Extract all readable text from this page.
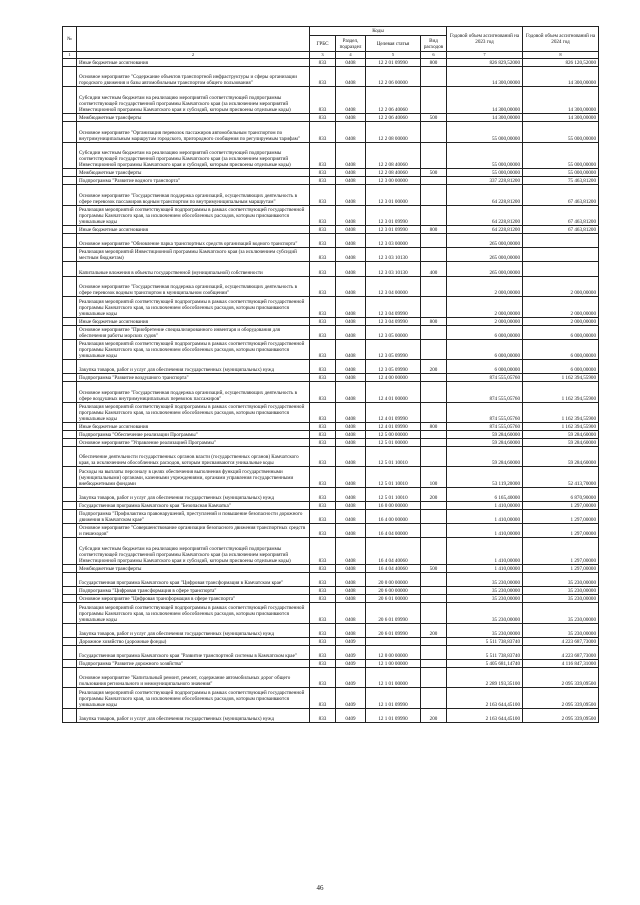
№		Коды				Годовой объем ассигнований на 2023 год	Годовой объем ассигнований на 2024 год
		ГРБС	Раздел, подраздел	Целевая статья	Вид расходов		
1	2	3	4	5	6	7	8
	Иные бюджетные ассигнования	833	0408	12 2 01 09990	800	826 829,52000	826 120,52000
	Основное мероприятие "Содержание объектов транспортной инфраструктуры и сферы организации городского движения и базы автомобильным транспортом общего пользования"	833	0408	12 2 06 00000		14 300,00000	14 300,00000
	Субсидии местным бюджетам на реализацию мероприятий соответствующей подпрограммы соответствующей государственной программы Камчатского края (за исключением мероприятий Инвестиционной программы Камчатского края и субсидий, которым присвоены отдельные коды)	833	0408	12 2 06 40060		14 300,00000	14 300,00000
	Межбюджетные трансферты	833	0408	12 2 06 40060	500	14 300,00000	14 300,00000
	Основное мероприятие "Организация перевозок пассажиров автомобильным транспортом по внутримуниципальным маршрутам городского, пригородного сообщения по регулируемым тарифам"	833	0408	12 2 08 00000		55 000,00000	55 000,00000
	Субсидии местным бюджетам на реализацию мероприятий соответствующей подпрограммы соответствующей государственной программы Камчатского края (за исключением мероприятий Инвестиционной программы Камчатского края и субсидий, которым присвоены отдельные коды)	833	0408	12 2 08 40060		55 000,00000	55 000,00000
	Межбюджетные трансферты	833	0408	12 2 08 40060	500	55 000,00000	55 000,00000
	Подпрограмма "Развитие водного транспорта"	833	0408	12 3 00 00000		337 228,81200	75 463,81200
	Основное мероприятие "Государственная поддержка организаций, осуществляющих деятельность в сфере перевозок пассажиров водным транспортом по внутримуниципальным маршрутам"	833	0408	12 3 01 00000		64 228,81200	67 463,81200
	Реализация мероприятий соответствующей подпрограммы в рамках соответствующей государственной программы Камчатского края, за исключением обособленных расходов, которым присваиваются уникальные коды	833	0408	12 3 01 09990		64 228,81200	67 463,81200
	Иные бюджетные ассигнования	833	0408	12 3 01 09990	800	64 228,81200	67 463,81200
	Основное мероприятие "Обновление парка транспортных средств организаций водного транспорта"	833	0408	12 3 03 00000		265 000,00000	
	Реализация мероприятий Инвестиционной программы Камчатского края (за исключением субсидий местным бюджетам)	833	0408	12 3 03 10130		265 000,00000	
	Капитальные вложения в объекты государственной (муниципальной) собственности	833	0408	12 3 03 10130	400	265 000,00000	
	Основное мероприятие "Государственная поддержка организаций, осуществляющих деятельность в сфере перевозок водным транспортом в муниципальном сообщении"	833	0408	12 3 04 00000		2 000,00000	2 000,00000
	Реализация мероприятий соответствующей подпрограммы в рамках соответствующей государственной программы Камчатского края, за исключением обособленных расходов, которым присваиваются уникальные коды	833	0408	12 3 04 09990		2 000,00000	2 000,00000
	Иные бюджетные ассигнования	833	0408	12 3 04 09990	800	2 000,00000	2 000,00000
	Основное мероприятие "Приобретение специализированного инвентаря и оборудования для обеспечения работы морских судов"	833	0408	12 3 05 00000		6 000,00000	6 000,00000
	Реализация мероприятий соответствующей подпрограммы в рамках соответствующей государственной программы Камчатского края, за исключением обособленных расходов, которым присваиваются уникальные коды	833	0408	12 3 05 09990		6 000,00000	6 000,00000
	Закупка товаров, работ и услуг для обеспечения государственных (муниципальных) нужд	833	0408	12 3 05 09990	200	6 000,00000	6 000,00000
	Подпрограмма "Развитие воздушного транспорта"	833	0408	12 4 00 00000		874 555,05760	1 162 394,55900
	Основное мероприятие "Государственная поддержка организаций, осуществляющих деятельность в сфере воздушных внутримуниципальных перевозок пассажиров"	833	0408	12 4 01 00000		874 555,05760	1 162 394,55900
	Реализация мероприятий соответствующей подпрограммы в рамках соответствующей государственной программы Камчатского края, за исключением обособленных расходов, которым присваиваются уникальные коды	833	0408	12 4 01 09990		874 555,05760	1 162 394,55900
	Иные бюджетные ассигнования	833	0408	12 4 01 09990	800	874 555,05760	1 162 394,55900
	Подпрограмма "Обеспечение реализации Программы"	833	0408	12 5 00 00000		59 284,60000	59 284,60000
	Основное мероприятие "Управление реализацией Программы"	833	0408	12 5 01 00000		59 284,60000	59 284,60000
	Обеспечение деятельности государственных органов власти (государственных органов) Камчатского края, за исключением обособленных расходов, которым присваиваются уникальные коды	833	0408	12 5 01 10010		59 284,60000	59 284,60000
	Расходы на выплаты персоналу в целях обеспечения выполнения функций государственными (муниципальными) органами, казенными учреждениями, органами управления государственными внебюджетными фондами	833	0408	12 5 01 10010	100	53 119,20000	52 413,70000
	Закупка товаров, работ и услуг для обеспечения государственных (муниципальных) нужд	833	0408	12 5 01 10010	200	6 165,40000	6 870,90000
	Государственная программа Камчатского края "Безопасная Камчатка"	833	0408	16 0 00 00000		1 410,00000	1 297,00000
	Подпрограмма "Профилактика правонарушений, преступлений и повышение безопасности дорожного движения в Камчатском крае"	833	0408	16 4 00 00000		1 410,00000	1 297,00000
	Основное мероприятие "Совершенствование организации безопасного движения транспортных средств и пешеходов"	833	0408	16 4 04 00000		1 410,00000	1 297,00000
	Субсидии местным бюджетам на реализацию мероприятий соответствующей подпрограммы соответствующей государственной программы Камчатского края (за исключением мероприятий Инвестиционной программы Камчатского края и субсидий, которым присвоены отдельные коды)	833	0408	16 4 04 40060		1 410,00000	1 297,00000
	Межбюджетные трансферты	833	0408	16 4 04 40060	500	1 410,00000	1 297,00000
	Государственная программа Камчатского края "Цифровая трансформация в Камчатском крае"	833	0408	20 0 00 00000		35 230,00000	35 230,00000
	Подпрограмма "Цифровая трансформация в сфере транспорта"	833	0408	20 6 00 00000		35 230,00000	35 230,00000
	Основное мероприятие "Цифровая трансформация в сфере транспорта"	833	0408	20 6 01 00000		35 230,00000	35 230,00000
	Реализация мероприятий соответствующей подпрограммы в рамках соответствующей государственной программы Камчатского края, за исключением обособленных расходов, которым присваиваются уникальные коды	833	0408	20 6 01 09990		35 230,00000	35 230,00000
	Закупка товаров, работ и услуг для обеспечения государственных (муниципальных) нужд	833	0408	20 6 01 09990	200	35 230,00000	35 230,00000
	Дорожное хозяйство (дорожные фонды)	833	0409			5 511 738,83740	4 223 687,73000
	Государственная программа Камчатского края "Развитие транспортной системы в Камчатском крае"	833	0409	12 0 00 00000		5 511 738,83740	4 223 687,73000
	Подпрограмма "Развитие дорожного хозяйства"	833	0409	12 1 00 00000		5 405 681,14740	4 116 847,31000
	Основное мероприятие "Капитальный ремонт, ремонт, содержание автомобильных дорог общего пользования регионального и межмуниципального значения"	833	0409	12 1 01 00000		2 289 193,35100	2 095 339,09500
	Реализация мероприятий соответствующей подпрограммы в рамках соответствующей государственной программы Камчатского края, за исключением обособленных расходов, которым присваиваются уникальные коды	833	0409	12 1 01 09990		2 163 644,45100	2 095 339,09500
	Закупка товаров, работ и услуг для обеспечения государственных (муниципальных) нужд	833	0409	12 1 01 09990	200	2 163 644,45100	2 095 339,09500
46
